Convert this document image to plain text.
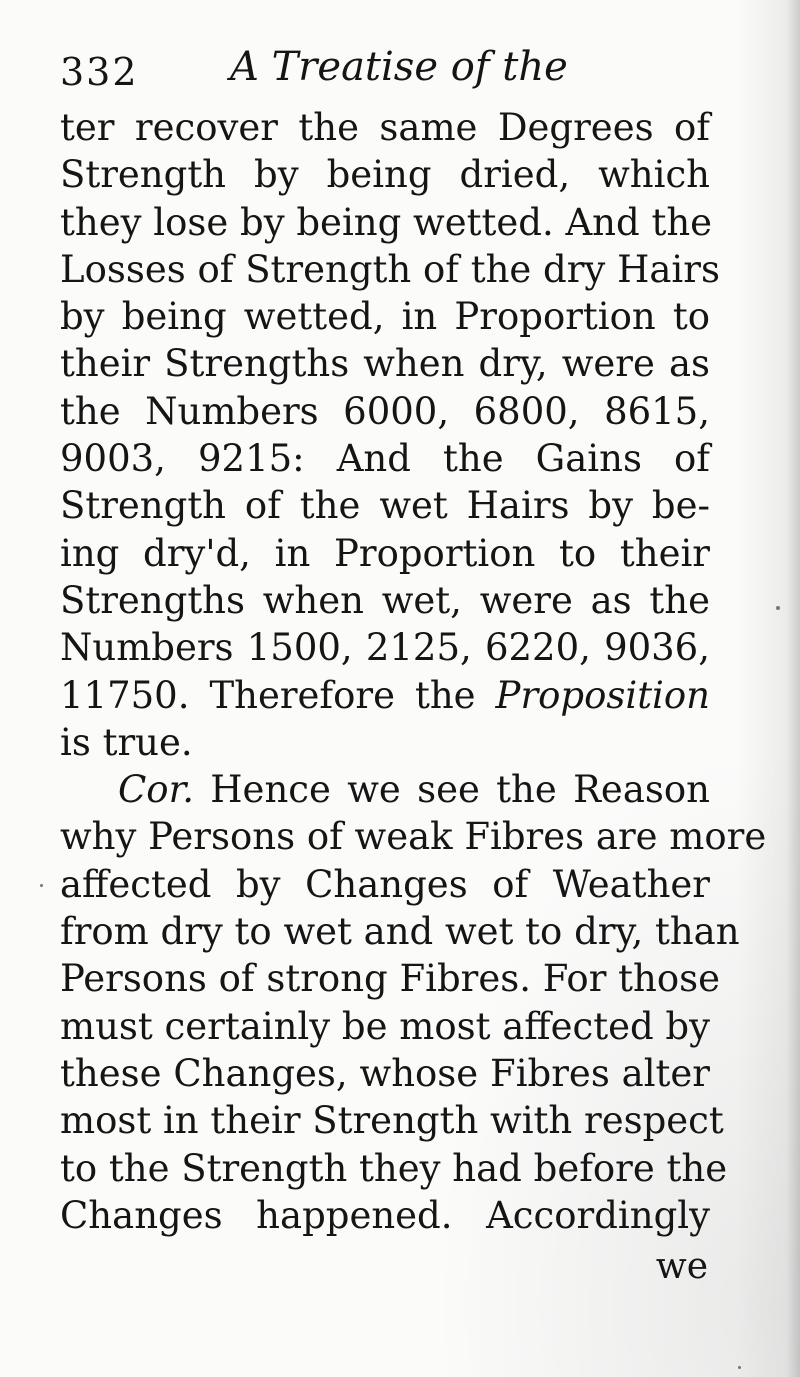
332 A Treatise of the
ter recover the same Degrees of
Strength by being dried, which
they lose by being wetted. And the
Losses of Strength of the dry Hairs
by being wetted, in Proportion to
their Strengths when dry, were as
the Numbers 6000, 6800, 8615,
9003, 9215: And the Gains of
Strength of the wet Hairs by be-
ing dry'd, in Proportion to their
Strengths when wet, were as the
Numbers 1500, 2125, 6220, 9036,
11750. Therefore the Proposition
is true.
Cor. Hence we see the Reason
why Persons of weak Fibres are more
affected by Changes of Weather
from dry to wet and wet to dry, than
Persons of strong Fibres. For those
must certainly be most affected by
these Changes, whose Fibres alter
most in their Strength with respect
to the Strength they had before the
Changes happened. Accordingly
we
